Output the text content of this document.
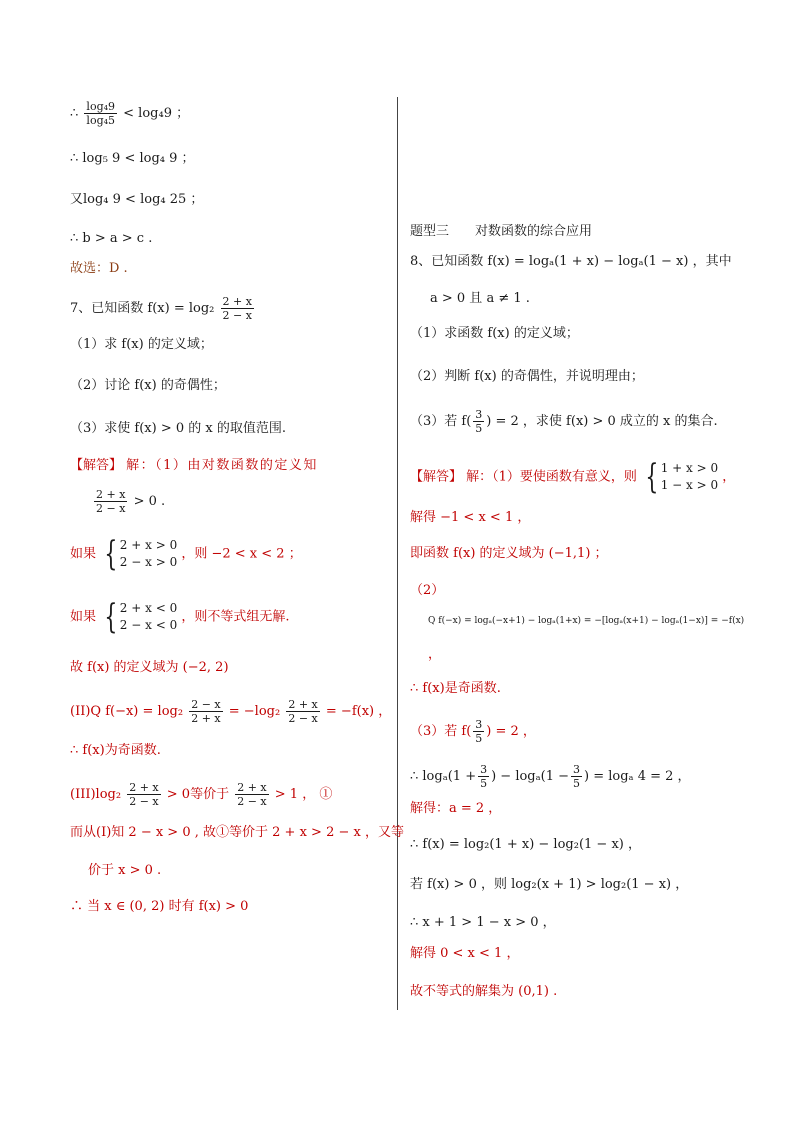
∴ $\frac{\text{log₄9}}{\text{log₄5}} < \log_49$ ；
∴ log₅ 9 < log₄ 9 ；
又log₄ 9 < log₄ 25 ；
∴ b > a > c .
故选：D .
7、已知函数 $f(x) = \log_2 \frac{2 + x}{2 - x}$
（1）求 f(x) 的定义域；
（2）讨论 f(x) 的奇偶性；
（3）求使 f(x) > 0 的 x 的取值范围.
【解答】 解：（1）由对数函数的定义知
$\frac{2 + x}{2 - x} > 0$ .
如果 { 2 + x > 0
2 − x > 0
，则 −2 < x < 2 ；
如果 { 2 + x < 0
2 − x < 0
，则不等式组无解.
故 f(x) 的定义域为 (−2, 2)
(II)Q $f(-x) = \log_2 \frac{2 - x}{2 + x} = -\log_2 \frac{2 + x}{2 - x} = -f(x)$ ，
∴ f(x)为奇函数.
$(III)\log_2 \frac{2 + x}{2 - x} > 0$等价于 $\frac{2 + x}{2 - x} > 1$ ， ①
而从(I)知 2 − x > 0 , 故①等价于 2 + x > 2 − x ，又等
价于 x > 0 .
∴ 当 x ∈ (0, 2) 时有 f(x) > 0
题型三　　对数函数的综合应用
8、已知函数 f(x) = logₐ(1 + x) − logₐ(1 − x) ，其中
a > 0 且 a ≠ 1 .
（1）求函数 f(x) 的定义域；
（2）判断 f(x) 的奇偶性，并说明理由；
（3）若 $f( \frac{3}{5}$ ) = 2 ，求使 f(x) > 0 成立的 x 的集合.
【解答】 解：（1）要使函数有意义，则 { 1 + x > 0
1 − x > 0
，
解得 −1 < x < 1 ，
即函数 f(x) 的定义域为 (−1,1) ；
（2）
Q f(−x) = logₐ(−x+1) − logₐ(1+x) = −[logₐ(x+1) − logₐ(1−x)] = −f(x)
，
∴ f(x)是奇函数.
（3）若 $f( \frac{3}{5}$ ) = 2 ，
∴ $\log_a(1 + \frac{3}{5}$ ) − $\log_a(1 - \frac{3}{5}$ ) = logₐ 4 = 2 ，
解得：a = 2 ，
∴ f(x) = log₂(1 + x) − log₂(1 − x) ，
若 f(x) > 0 ，则 log₂(x + 1) > log₂(1 − x) ，
∴ x + 1 > 1 − x > 0 ，
解得 0 < x < 1 ，
故不等式的解集为 (0,1) .
